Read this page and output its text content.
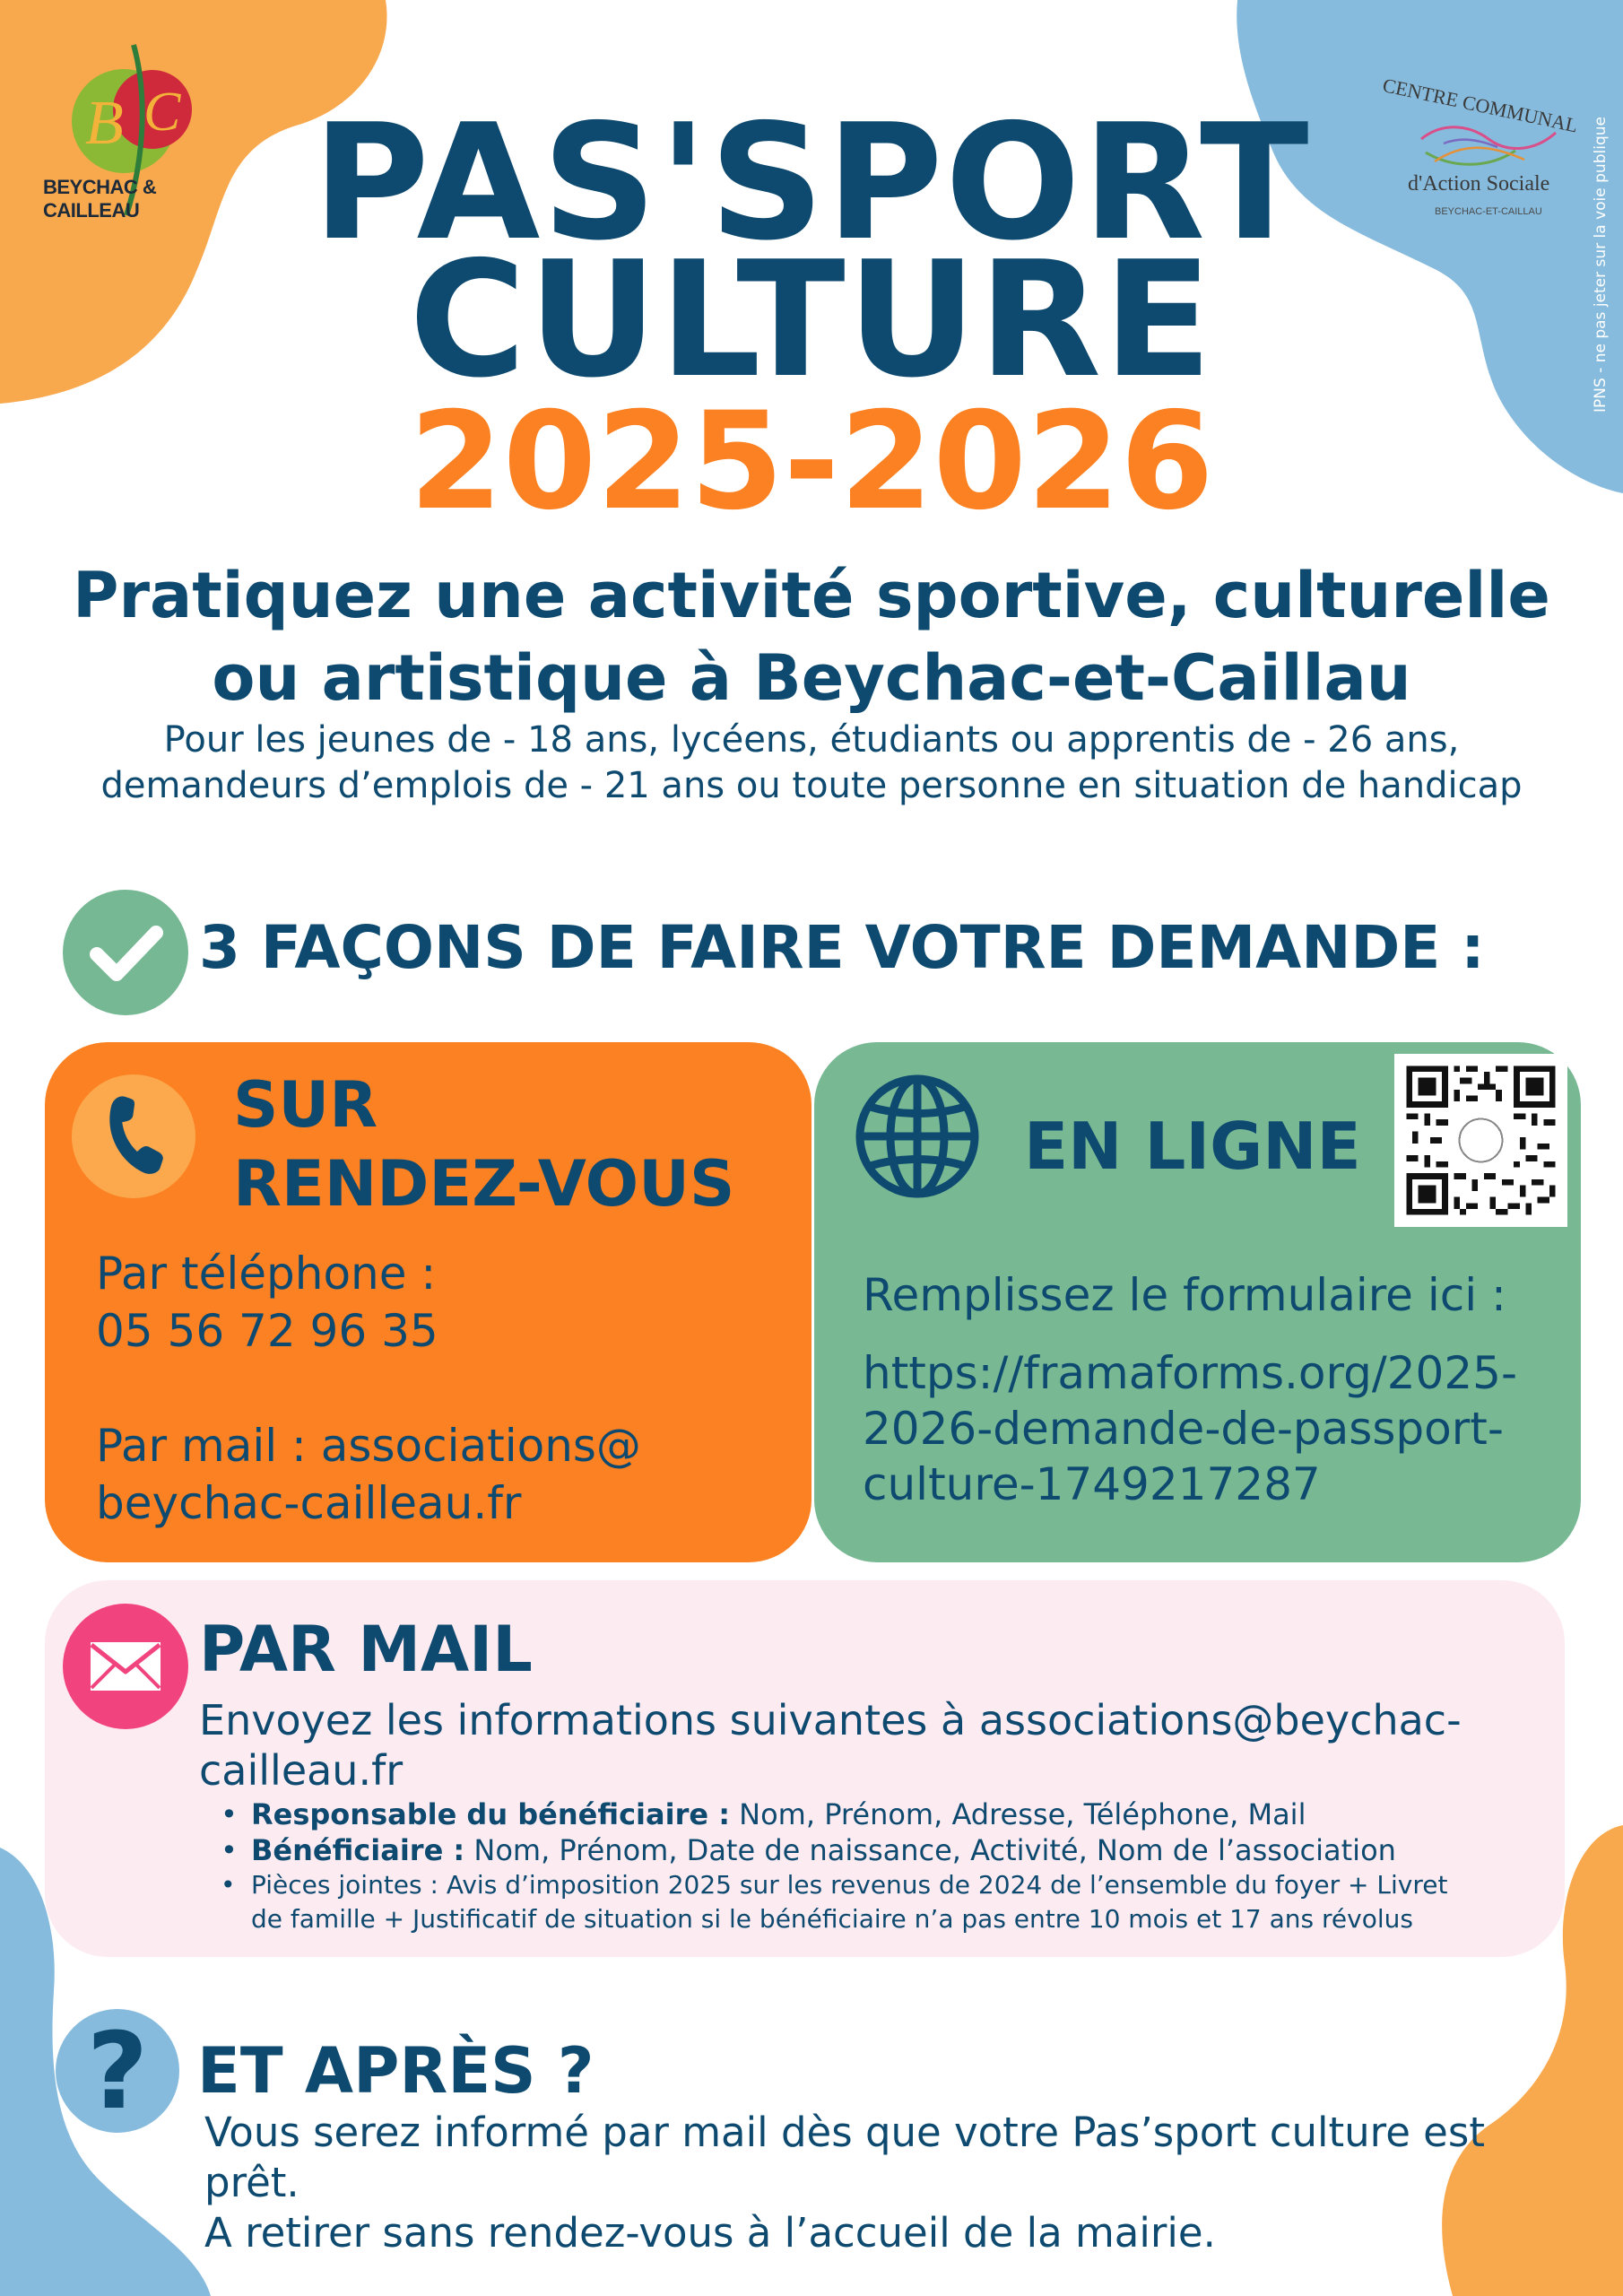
B C
BEYCHAC & CAILLEAU
CENTRE COMMUNAL
d'Action Sociale
BEYCHAC-ET-CAILLAU	IPNS - ne pas jeter sur la voie publique
PAS'SPORT
CULTURE
2025-2026
Pratiquez une activité sportive, culturelle
ou artistique à Beychac-et-Caillau
Pour les jeunes de - 18 ans, lycéens, étudiants ou apprentis de - 26 ans,
demandeurs d’emplois de - 21 ans ou toute personne en situation de handicap
3 FAÇONS DE FAIRE VOTRE DEMANDE :
SUR
RENDEZ-VOUS
Par téléphone :
05 56 72 96 35
Par mail : associations@
beychac-cailleau.fr
EN LIGNE
Remplissez le formulaire ici :
https://framaforms.org/2025-
2026-demande-de-passport-
culture-1749217287
PAR MAIL
Envoyez les informations suivantes à associations@beychac-
cailleau.fr
• Responsable du bénéficiaire : Nom, Prénom, Adresse, Téléphone, Mail
• Bénéficiaire : Nom, Prénom, Date de naissance, Activité, Nom de l’association
• Pièces jointes : Avis d’imposition 2025 sur les revenus de 2024 de l’ensemble du foyer + Livret
de famille + Justificatif de situation si le bénéficiaire n’a pas entre 10 mois et 17 ans révolus
? ET APRÈS ?
Vous serez informé par mail dès que votre Pas’sport culture est prêt.
A retirer sans rendez-vous à l’accueil de la mairie.
